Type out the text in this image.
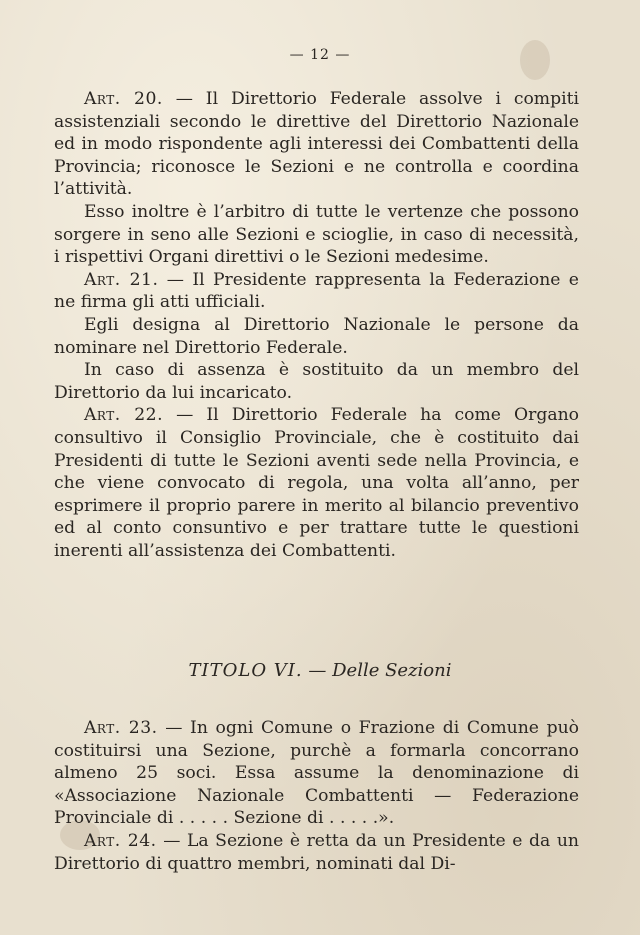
— 12 —

Art. 20. — Il Direttorio Federale assolve i compiti assistenziali secondo le direttive del Direttorio Nazionale ed in modo rispondente agli interessi dei Combattenti della Provincia; riconosce le Sezioni e ne controlla e coordina l’attività.

Esso inoltre è l’arbitro di tutte le vertenze che possono sorgere in seno alle Sezioni e scioglie, in caso di necessità, i rispettivi Organi direttivi o le Sezioni medesime.

Art. 21. — Il Presidente rappresenta la Federazione e ne firma gli atti ufficiali.

Egli designa al Direttorio Nazionale le persone da nominare nel Direttorio Federale.

In caso di assenza è sostituito da un membro del Direttorio da lui incaricato.

Art. 22. — Il Direttorio Federale ha come Organo consultivo il Consiglio Provinciale, che è costituito dai Presidenti di tutte le Sezioni aventi sede nella Provincia, e che viene convocato di regola, una volta all’anno, per esprimere il proprio parere in merito al bilancio preventivo ed al conto consuntivo e per trattare tutte le questioni inerenti all’assistenza dei Combattenti.

TITOLO VI. — Delle Sezioni

Art. 23. — In ogni Comune o Frazione di Comune può costituirsi una Sezione, purchè a formarla concorrano almeno 25 soci. Essa assume la denominazione di «Associazione Nazionale Combattenti — Federazione Provinciale di . . . . . Sezione di . . . . .».

Art. 24. — La Sezione è retta da un Presidente e da un Direttorio di quattro membri, nominati dal Di-
